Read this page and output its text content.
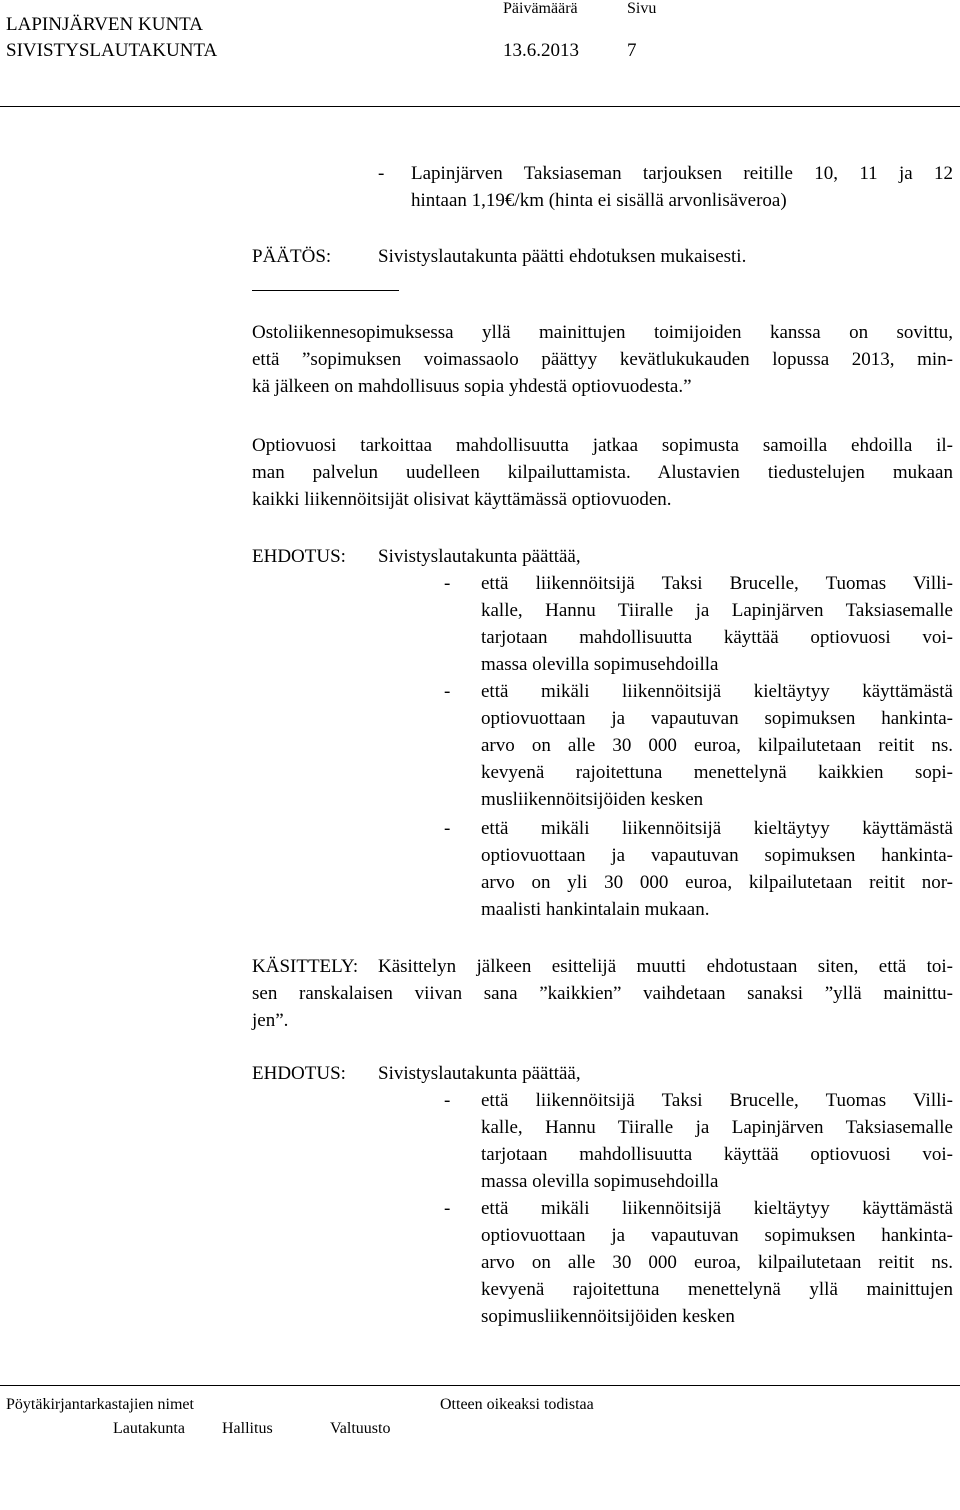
LAPINJÄRVEN KUNTA
SIVISTYSLAUTAKUNTA
Päivämäärä	Sivu
13.6.2013	7
- Lapinjärven Taksiaseman tarjouksen reitille 10, 11 ja 12
hintaan 1,19€/km (hinta ei sisällä arvonlisäveroa)
PÄÄTÖS: Sivistyslautakunta päätti ehdotuksen mukaisesti.
Ostoliikennesopimuksessa yllä mainittujen toimijoiden kanssa on sovittu,
että ”sopimuksen voimassaolo päättyy kevätlukukauden lopussa 2013, min-
kä jälkeen on mahdollisuus sopia yhdestä optiovuodesta.”
Optiovuosi tarkoittaa mahdollisuutta jatkaa sopimusta samoilla ehdoilla il-
man palvelun uudelleen kilpailuttamista. Alustavien tiedustelujen mukaan
kaikki liikennöitsijät olisivat käyttämässä optiovuoden.
EHDOTUS: Sivistyslautakunta päättää,
- että liikennöitsijä Taksi Brucelle, Tuomas Villi-
kalle, Hannu Tiiralle ja Lapinjärven Taksiasemalle
tarjotaan mahdollisuutta käyttää optiovuosi voi-
massa olevilla sopimusehdoilla
- että mikäli liikennöitsijä kieltäytyy käyttämästä
optiovuottaan ja vapautuvan sopimuksen hankinta-
arvo on alle 30 000 euroa, kilpailutetaan reitit ns.
kevyenä rajoitettuna menettelynä kaikkien sopi-
musliikennöitsijöiden kesken
- että mikäli liikennöitsijä kieltäytyy käyttämästä
optiovuottaan ja vapautuvan sopimuksen hankinta-
arvo on yli 30 000 euroa, kilpailutetaan reitit nor-
maalisti hankintalain mukaan.
KÄSITTELY: Käsittelyn jälkeen esittelijä muutti ehdotustaan siten, että toi-
sen ranskalaisen viivan sana ”kaikkien” vaihdetaan sanaksi ”yllä mainittu-
jen”.
EHDOTUS: Sivistyslautakunta päättää,
- että liikennöitsijä Taksi Brucelle, Tuomas Villi-
kalle, Hannu Tiiralle ja Lapinjärven Taksiasemalle
tarjotaan mahdollisuutta käyttää optiovuosi voi-
massa olevilla sopimusehdoilla
- että mikäli liikennöitsijä kieltäytyy käyttämästä
optiovuottaan ja vapautuvan sopimuksen hankinta-
arvo on alle 30 000 euroa, kilpailutetaan reitit ns.
kevyenä rajoitettuna menettelynä yllä mainittujen
sopimusliikennöitsijöiden kesken
Pöytäkirjantarkastajien nimet	Otteen oikeaksi todistaa
Lautakunta Hallitus	Valtuusto
